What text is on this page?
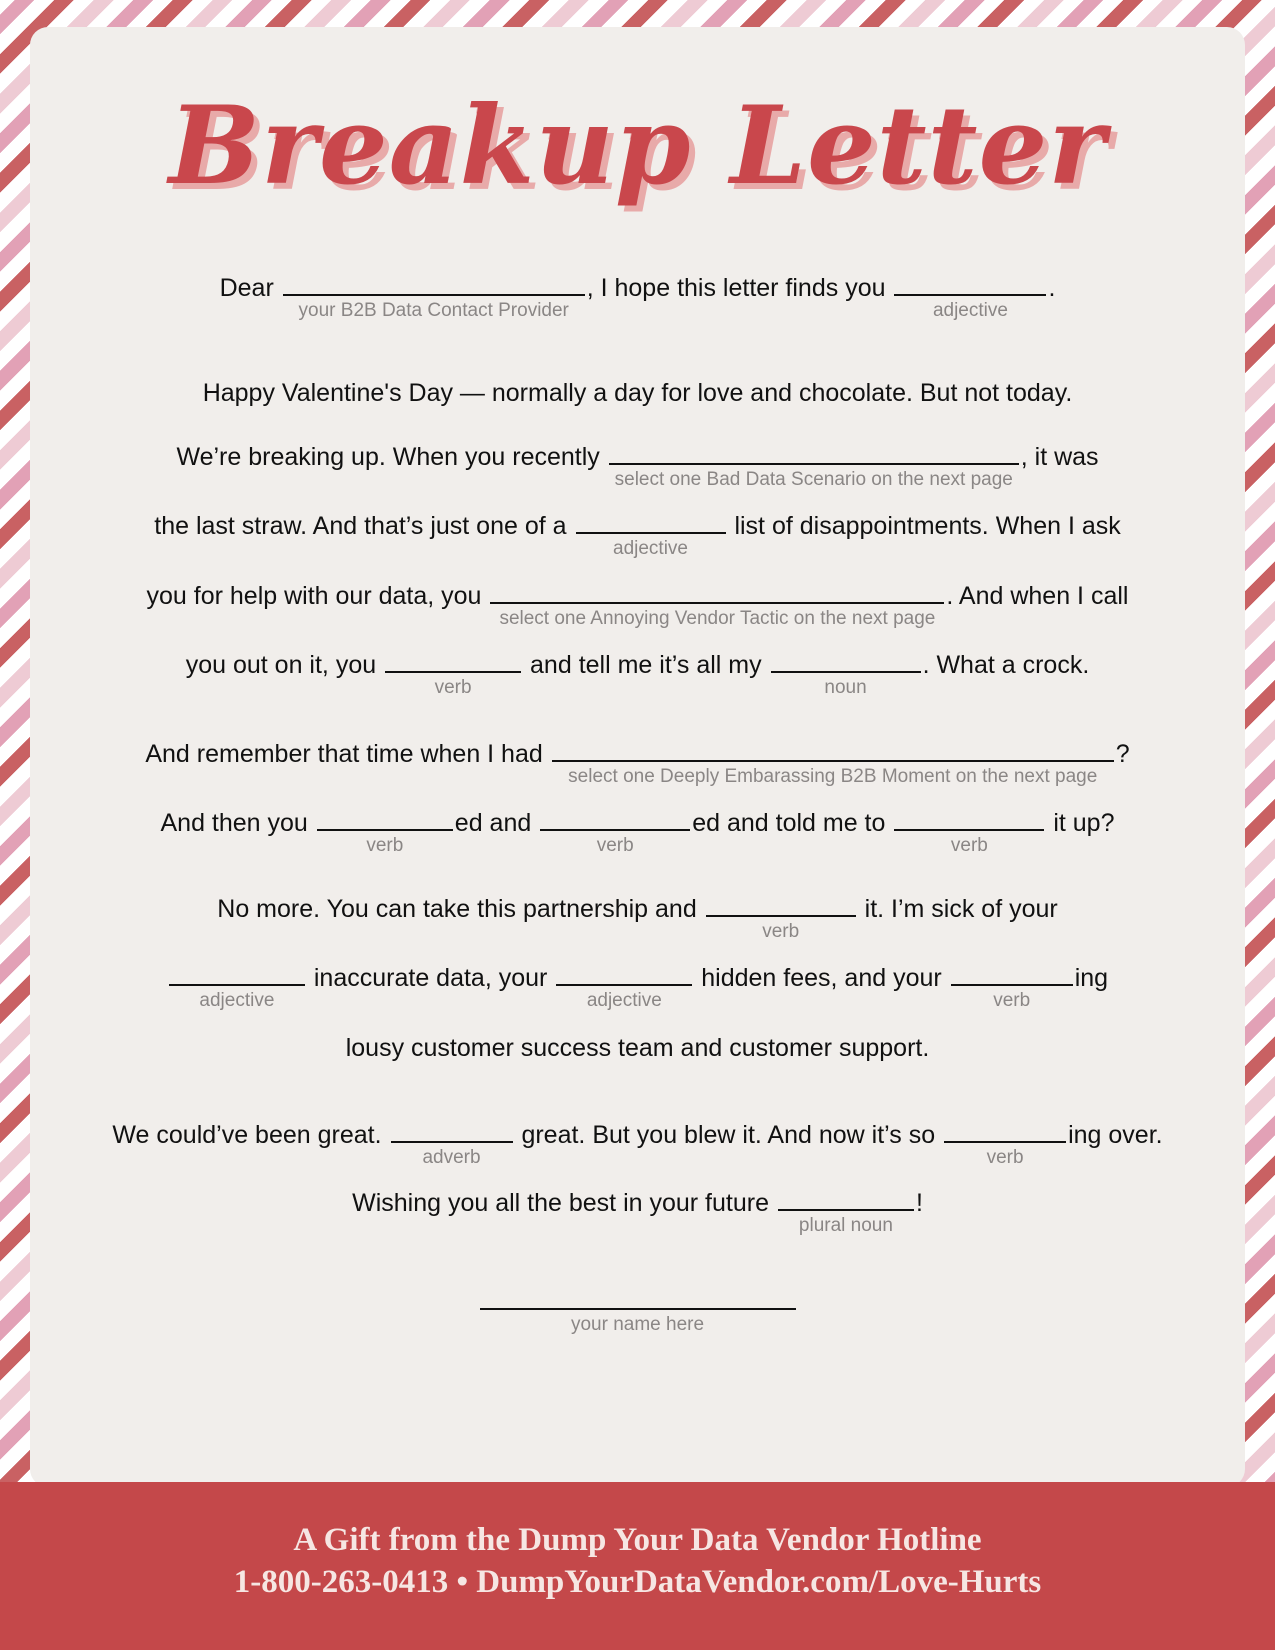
Breakup Letter
Dear
your B2B Data Contact Provider
, I hope this letter finds you
adjective
.
Happy Valentine's Day — normally a day for love and chocolate. But not today.
We’re breaking up. When you recently
select one Bad Data Scenario on the next page
, it was
the last straw. And that’s just one of a
adjective
list of disappointments. When I ask
you for help with our data, you
select one Annoying Vendor Tactic on the next page
. And when I call
you out on it, you
verb
and tell me it’s all my
noun
. What a crock.
And remember that time when I had
select one Deeply Embarassing B2B Moment on the next page
?
And then you
verb
ed and
verb
ed and told me to
verb
it up?
No more. You can take this partnership and
verb
it. I’m sick of your
adjective
inaccurate data, your
adjective
hidden fees, and your
verb
ing
lousy customer success team and customer support.
We could’ve been great.
adverb
great. But you blew it. And now it’s so
verb
ing over.
Wishing you all the best in your future
plural noun
!
your name here
A Gift from the Dump Your Data Vendor Hotline
1-800-263-0413 • DumpYourDataVendor.com/Love-Hurts
